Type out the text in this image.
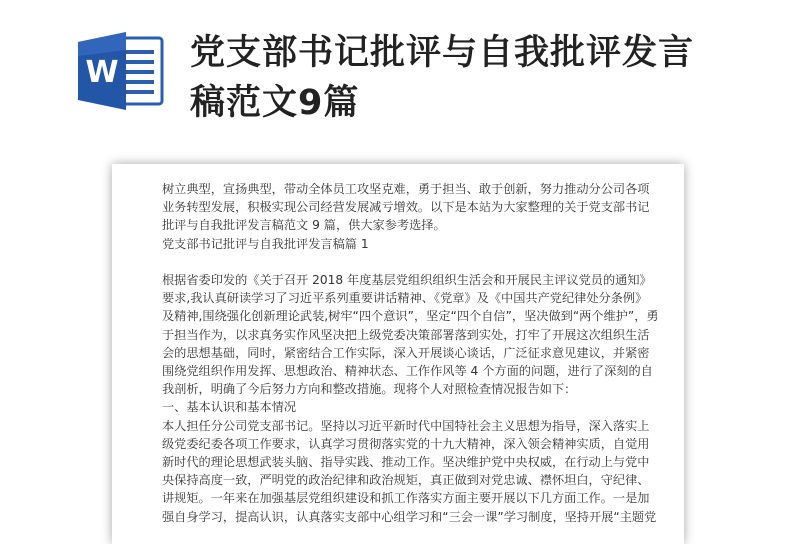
W 党支部书记批评与自我批评发言
稿范文9篇

树立典型，宣扬典型，带动全体员工攻坚克难，勇于担当、敢于创新，努力推动分公司各项

业务转型发展，积极实现公司经营发展减亏增效。以下是本站为大家整理的关于党支部书记

批评与自我批评发言稿范文 9 篇，供大家参考选择。

党支部书记批评与自我批评发言稿篇 1

根据省委印发的《关于召开 2018 年度基层党组织组织生活会和开展民主评议党员的通知》

要求,我认真研读学习了习近平系列重要讲话精神、《党章》及《中国共产党纪律处分条例》

及精神,围绕强化创新理论武装,树牢“四个意识”，坚定“四个自信”，坚决做到“两个维护”，勇

于担当作为，以求真务实作风坚决把上级党委决策部署落到实处，打牢了开展这次组织生活

会的思想基础，同时，紧密结合工作实际，深入开展谈心谈话，广泛征求意见建议，并紧密

围绕党组织作用发挥、思想政治、精神状态、工作作风等 4 个方面的问题，进行了深刻的自

我剖析，明确了今后努力方向和整改措施。现将个人对照检查情况报告如下：

一、基本认识和基本情况

本人担任分公司党支部书记。坚持以习近平新时代中国特社会主义思想为指导，深入落实上

级党委纪委各项工作要求，认真学习贯彻落实党的十九大精神，深入领会精神实质，自觉用

新时代的理论思想武装头脑、指导实践、推动工作。坚决维护党中央权威，在行动上与党中

央保持高度一致，严明党的政治纪律和政治规矩，真正做到对党忠诚、襟怀坦白，守纪律、

讲规矩。一年来在加强基层党组织建设和抓工作落实方面主要开展以下几方面工作。一是加

强自身学习，提高认识，认真落实支部中心组学习和“三会一课”学习制度，坚持开展“主题党
